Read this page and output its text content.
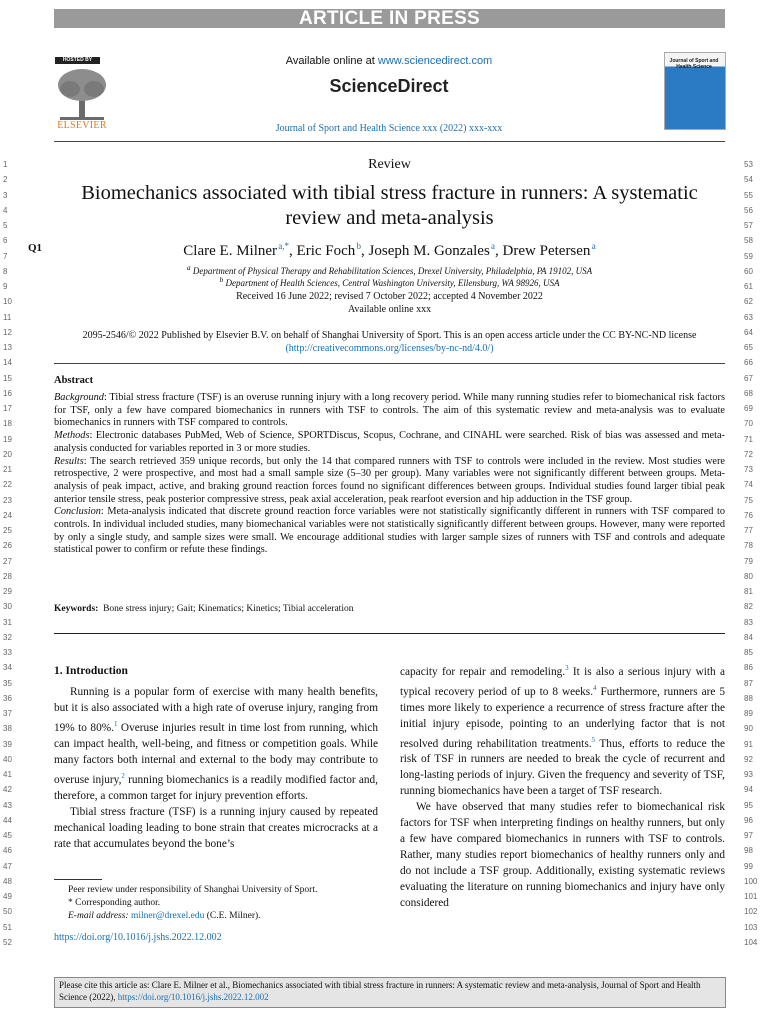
ARTICLE IN PRESS
HOSTED BY
ELSEVIER
Available online at www.sciencedirect.com
ScienceDirect
Journal of Sport and Health Science xxx (2022) xxx-xxx
Journal of Sport and Health Science
1
2
3
4
5
6
7
8
9
10
11
12
13
14
15
16
17
18
19
20
21
22
23
24
25
26
27
28
29
30
31
32
33
34
35
36
37
38
39
40
41
42
43
44
45
46
47
48
49
50
51
52
53
54
55
56
57
58
59
60
61
62
63
64
65
66
67
68
69
70
71
72
73
74
75
76
77
78
79
80
81
82
83
84
85
86
87
88
89
90
91
92
93
94
95
96
97
98
99
100
101
102
103
104
Q1
Review
Biomechanics associated with tibial stress fracture in runners: A systematic review and meta-analysis
Clare E. Milner $^{a,*}$, Eric Foch $^b$, Joseph M. Gonzales $^a$, Drew Petersen $^a$
$^a$ Department of Physical Therapy and Rehabilitation Sciences, Drexel University, Philadelphia, PA 19102, USA
$^b$ Department of Health Sciences, Central Washington University, Ellensburg, WA 98926, USA
Received 16 June 2022; revised 7 October 2022; accepted 4 November 2022
Available online xxx
2095-2546/© 2022 Published by Elsevier B.V. on behalf of Shanghai University of Sport. This is an open access article under the CC BY-NC-ND license
(http://creativecommons.org/licenses/by-nc-nd/4.0/)
Abstract

Background: Tibial stress fracture (TSF) is an overuse running injury with a long recovery period. While many running studies refer to biomechanical risk factors for TSF, only a few have compared biomechanics in runners with TSF to controls. The aim of this systematic review and meta-analysis was to evaluate biomechanics in runners with TSF compared to controls.

Methods: Electronic databases PubMed, Web of Science, SPORTDiscus, Scopus, Cochrane, and CINAHL were searched. Risk of bias was assessed and meta-analysis conducted for variables reported in 3 or more studies.

Results: The search retrieved 359 unique records, but only the 14 that compared runners with TSF to controls were included in the review. Most studies were retrospective, 2 were prospective, and most had a small sample size (5–30 per group). Many variables were not significantly different between groups. Meta-analysis of peak impact, active, and braking ground reaction forces found no significant differences between groups. Individual studies found larger tibial peak anterior tensile stress, peak posterior compressive stress, peak axial acceleration, peak rearfoot eversion and hip adduction in the TSF group.

Conclusion: Meta-analysis indicated that discrete ground reaction force variables were not statistically significantly different in runners with TSF compared to controls. In individual included studies, many biomechanical variables were not statistically significantly different between groups. However, many were reported by only a single study, and sample sizes were small. We encourage additional studies with larger sample sizes of runners with TSF and controls and adequate statistical power to confirm or refute these findings.

Keywords: Bone stress injury; Gait; Kinematics; Kinetics; Tibial acceleration
1. Introduction

Running is a popular form of exercise with many health benefits, but it is also associated with a high rate of overuse injury, ranging from 19% to 80%.$^1$ Overuse injuries result in time lost from running, which can impact health, well-being, and fitness or competition goals. While many factors both internal and external to the body may contribute to overuse injury,$^2$ running biomechanics is a readily modified factor and, therefore, a common target for injury prevention efforts.

Tibial stress fracture (TSF) is a running injury caused by repeated mechanical loading leading to bone strain that creates microcracks at a rate that accumulates beyond the bone’s

capacity for repair and remodeling.$^3$ It is also a serious injury with a typical recovery period of up to 8 weeks.$^4$ Furthermore, runners are 5 times more likely to experience a recurrence of stress fracture after the initial injury episode, pointing to an underlying factor that is not resolved during rehabilitation treatments.$^5$ Thus, efforts to reduce the risk of TSF in runners are needed to break the cycle of recurrent and long-lasting periods of injury. Given the frequency and severity of TSF, running biomechanics have been a target of TSF research.

We have observed that many studies refer to biomechanical risk factors for TSF when interpreting findings on healthy runners, but only a few have compared biomechanics in runners with TSF to controls. Rather, many studies report biomechanics of healthy runners only and do not include a TSF group. Additionally, existing systematic reviews evaluating the literature on running biomechanics and injury have only considered

Peer review under responsibility of Shanghai University of Sport.
* Corresponding author.
E-mail address: milner@drexel.edu (C.E. Milner).
https://doi.org/10.1016/j.jshs.2022.12.002
Please cite this article as: Clare E. Milner et al., Biomechanics associated with tibial stress fracture in runners: A systematic review and meta-analysis, Journal of Sport and Health Science (2022), https://doi.org/10.1016/j.jshs.2022.12.002
